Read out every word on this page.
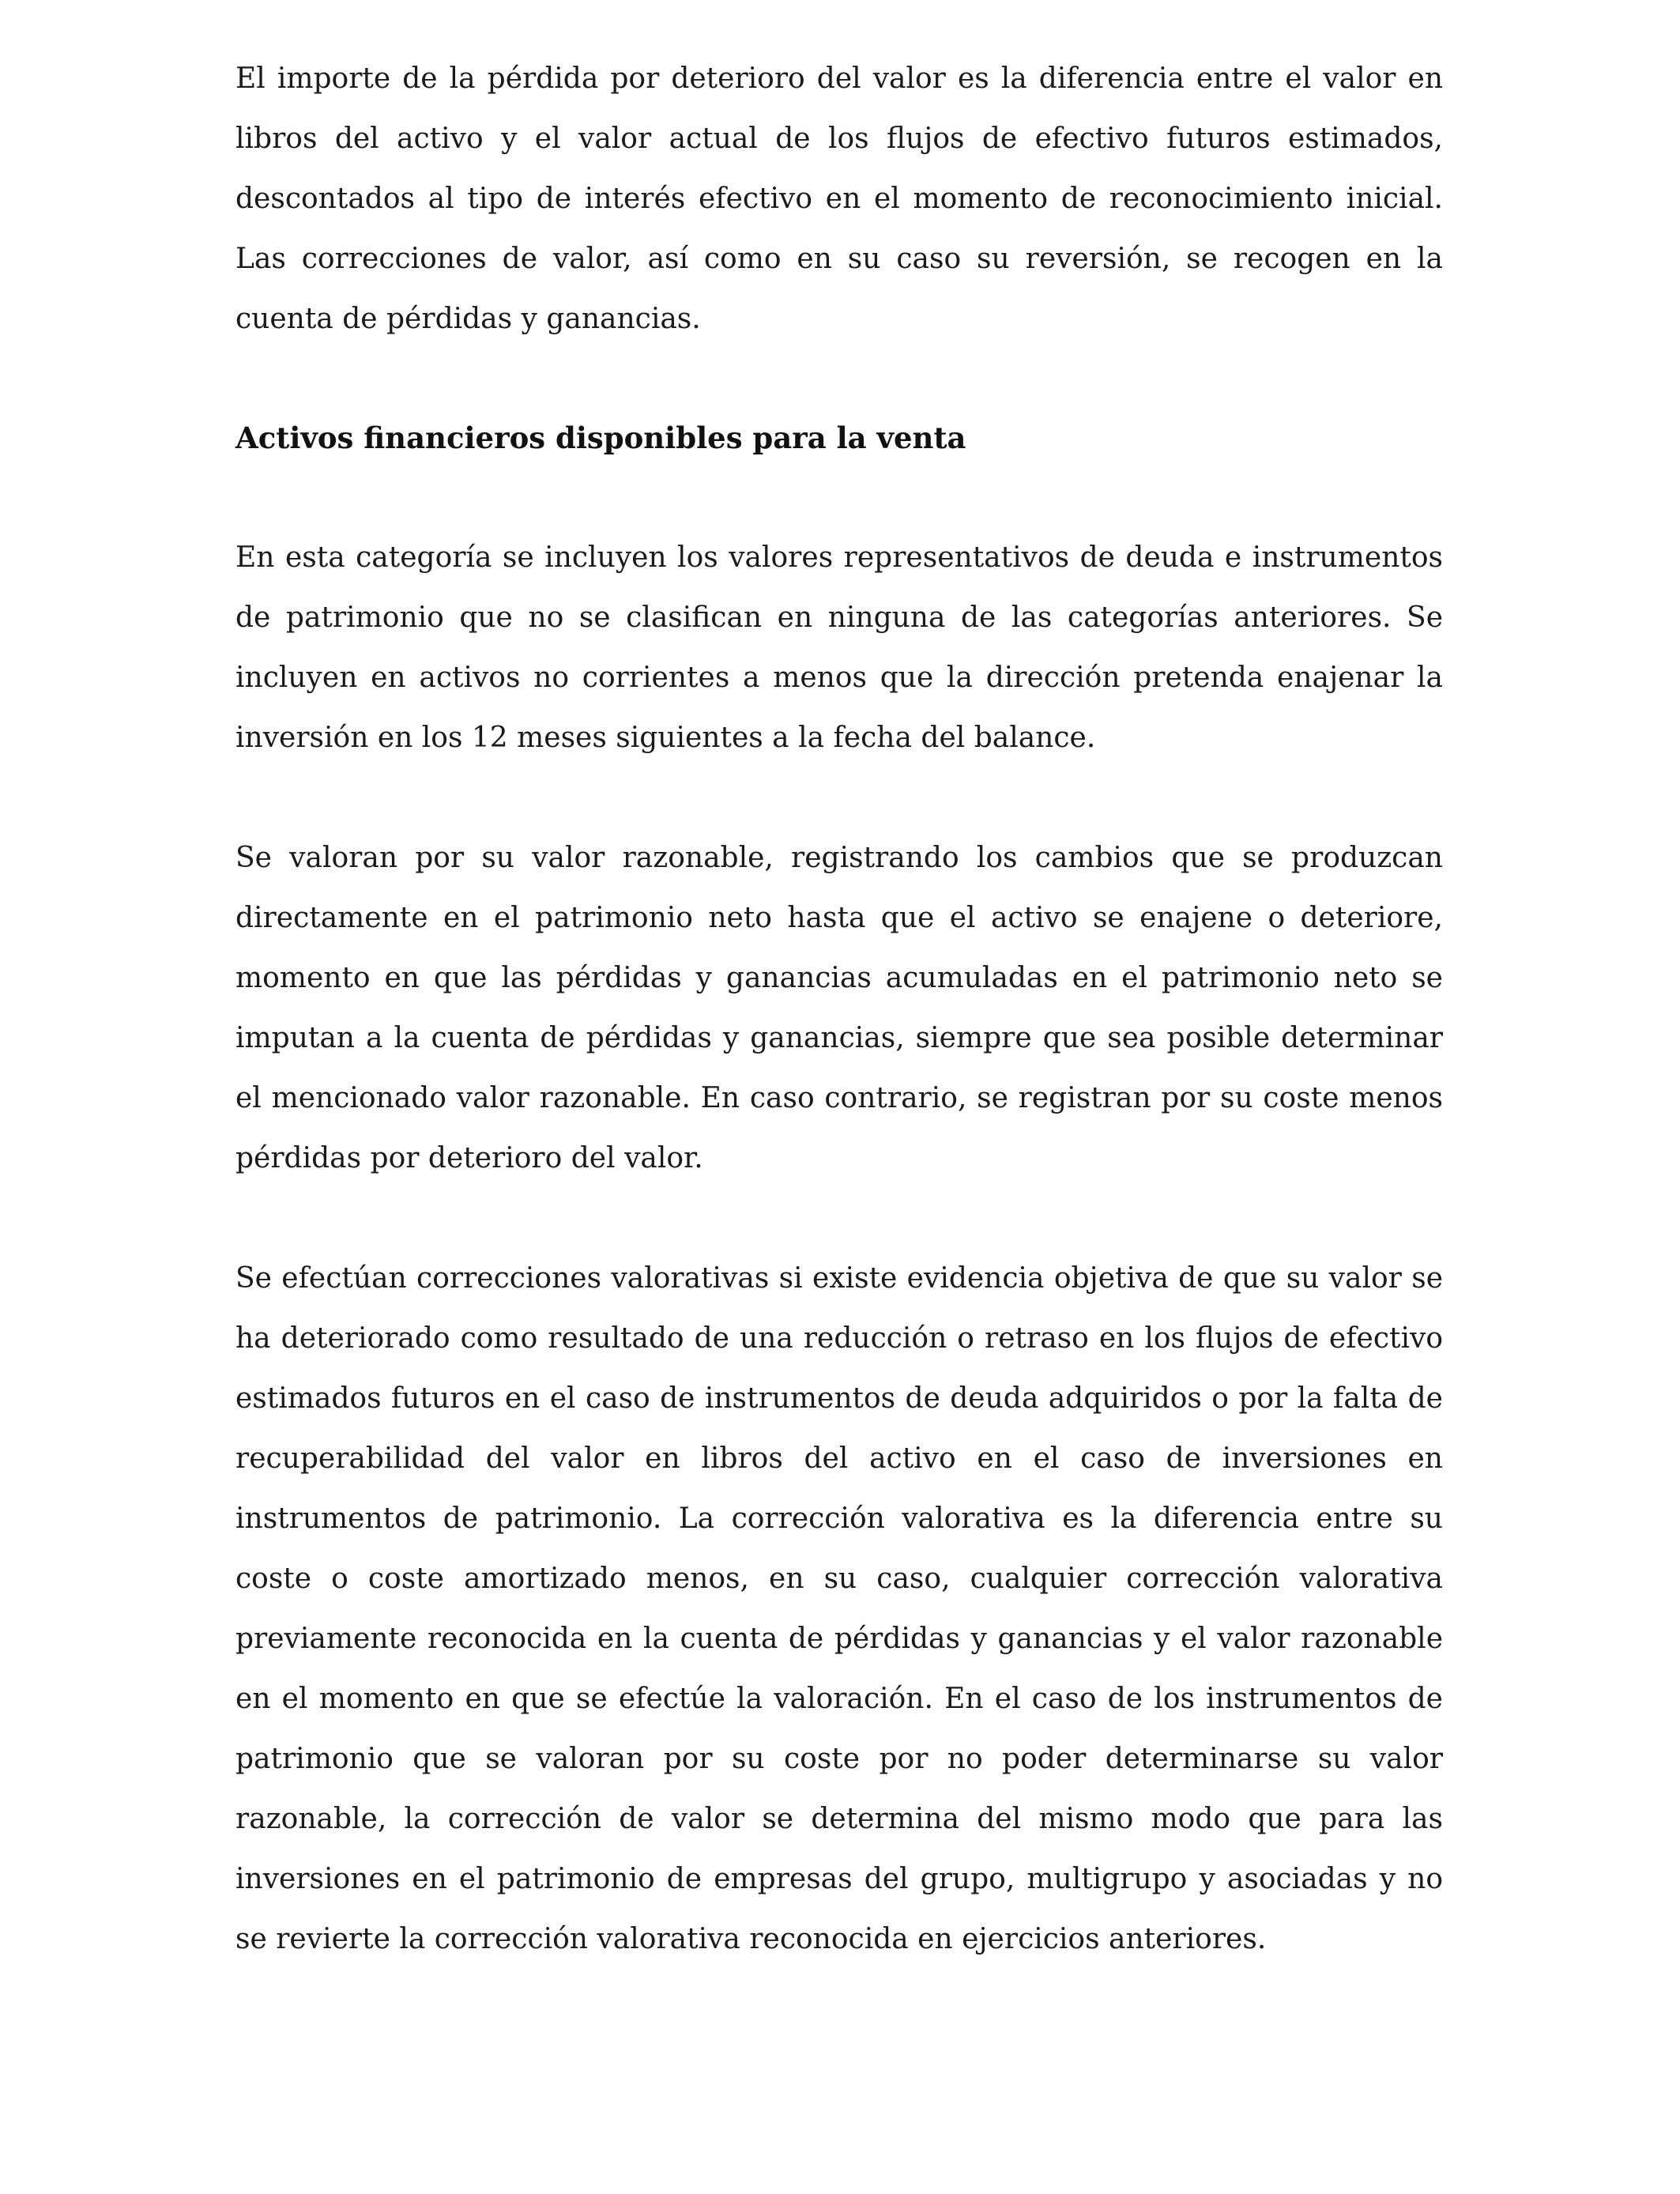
El importe de la pérdida por deterioro del valor es la diferencia entre el valor en libros del activo y el valor actual de los flujos de efectivo futuros estimados, descontados al tipo de interés efectivo en el momento de reconocimiento inicial. Las correcciones de valor, así como en su caso su reversión, se recogen en la cuenta de pérdidas y ganancias.

Activos financieros disponibles para la venta

En esta categoría se incluyen los valores representativos de deuda e instrumentos de patrimonio que no se clasifican en ninguna de las categorías anteriores. Se incluyen en activos no corrientes a menos que la dirección pretenda enajenar la inversión en los 12 meses siguientes a la fecha del balance.

Se valoran por su valor razonable, registrando los cambios que se produzcan directamente en el patrimonio neto hasta que el activo se enajene o deteriore, momento en que las pérdidas y ganancias acumuladas en el patrimonio neto se imputan a la cuenta de pérdidas y ganancias, siempre que sea posible determinar el mencionado valor razonable. En caso contrario, se registran por su coste menos pérdidas por deterioro del valor.

Se efectúan correcciones valorativas si existe evidencia objetiva de que su valor se ha deteriorado como resultado de una reducción o retraso en los flujos de efectivo estimados futuros en el caso de instrumentos de deuda adquiridos o por la falta de recuperabilidad del valor en libros del activo en el caso de inversiones en instrumentos de patrimonio. La corrección valorativa es la diferencia entre su coste o coste amortizado menos, en su caso, cualquier corrección valorativa previamente reconocida en la cuenta de pérdidas y ganancias y el valor razonable en el momento en que se efectúe la valoración. En el caso de los instrumentos de patrimonio que se valoran por su coste por no poder determinarse su valor razonable, la corrección de valor se determina del mismo modo que para las inversiones en el patrimonio de empresas del grupo, multigrupo y asociadas y no se revierte la corrección valorativa reconocida en ejercicios anteriores.
